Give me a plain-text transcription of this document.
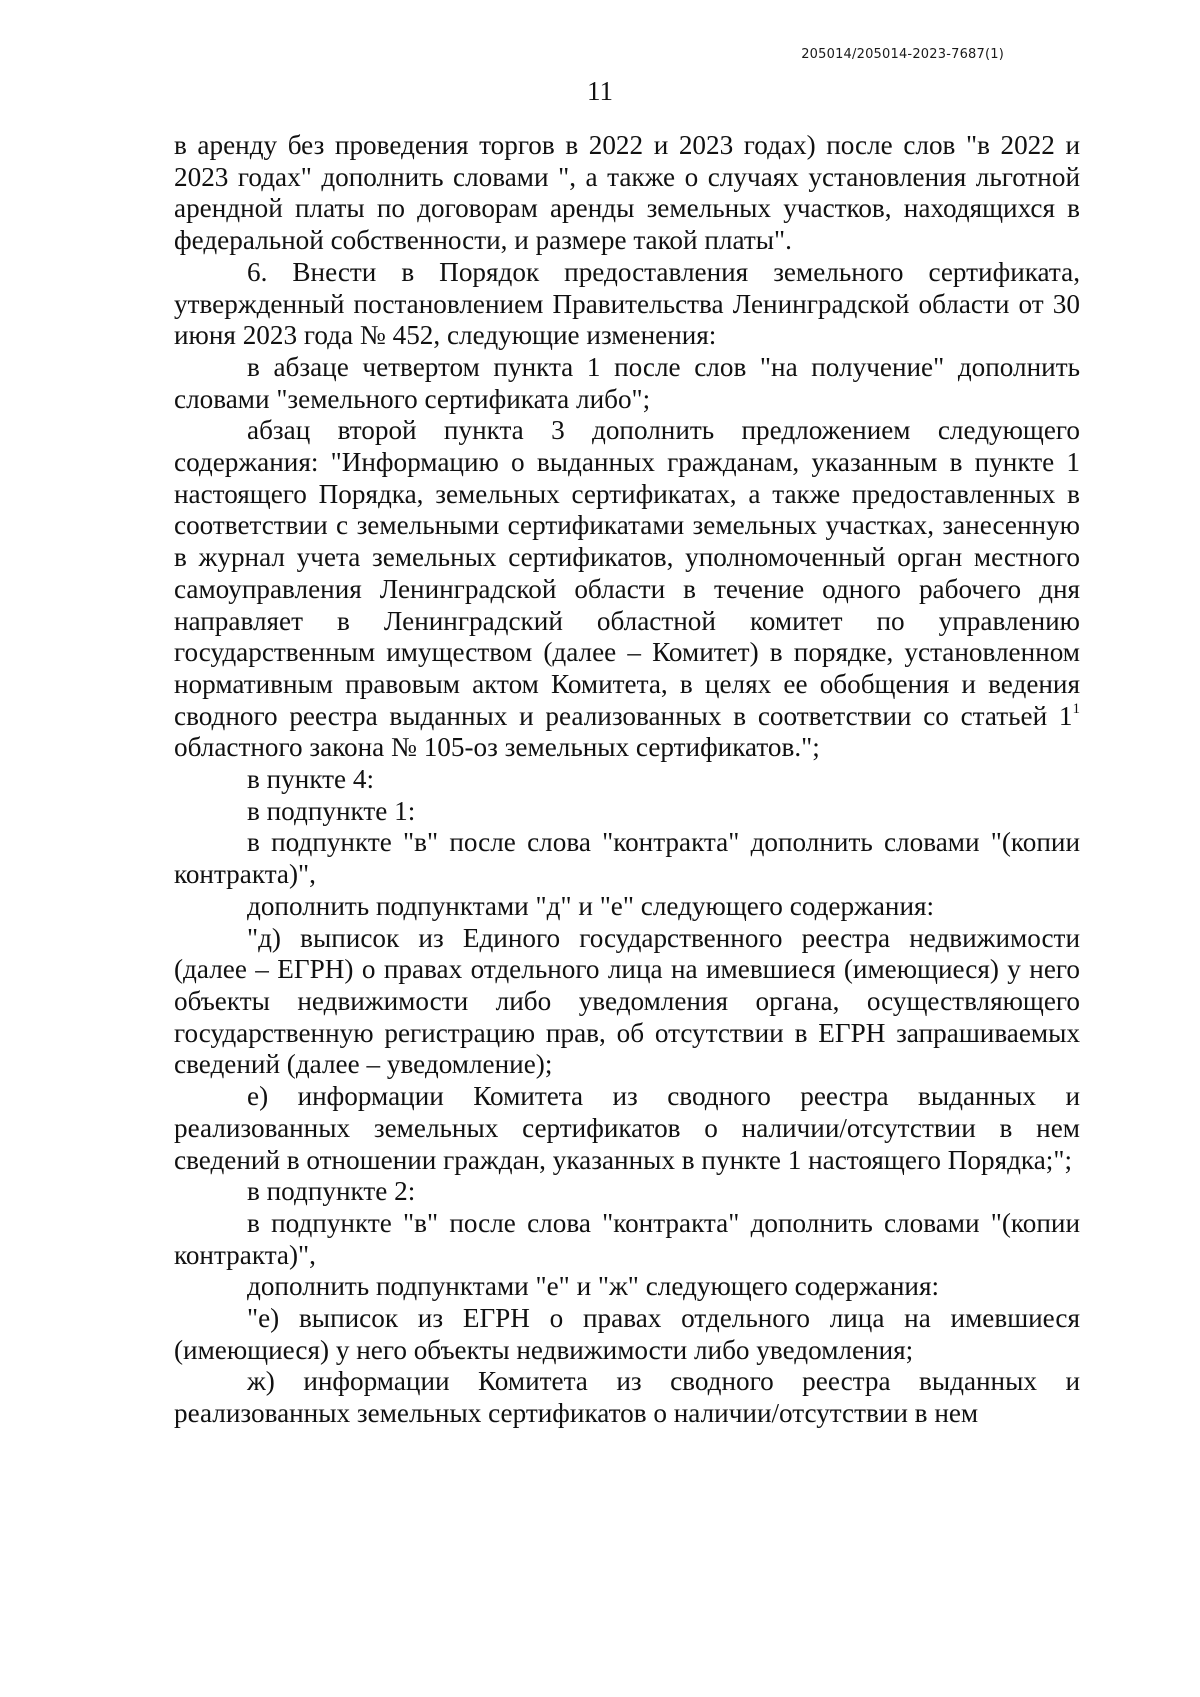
205014/205014-2023-7687(1)
11

в аренду без проведения торгов в 2022 и 2023 годах) после слов "в 2022 и 2023 годах" дополнить словами ", а также о случаях установления льготной арендной платы по договорам аренды земельных участков, находящихся в федеральной собственности, и размере такой платы".

6. Внести в Порядок предоставления земельного сертификата, утвержденный постановлением Правительства Ленинградской области от 30 июня 2023 года № 452, следующие изменения:

в абзаце четвертом пункта 1 после слов "на получение" дополнить словами "земельного сертификата либо";

абзац второй пункта 3 дополнить предложением следующего содержания: "Информацию о выданных гражданам, указанным в пункте 1 настоящего Порядка, земельных сертификатах, а также предоставленных в соответствии с земельными сертификатами земельных участках, занесенную в журнал учета земельных сертификатов, уполномоченный орган местного самоуправления Ленинградской области в течение одного рабочего дня направляет в Ленинградский областной комитет по управлению государственным имуществом (далее – Комитет) в порядке, установленном нормативным правовым актом Комитета, в целях ее обобщения и ведения сводного реестра выданных и реализованных в соответствии со статьей $1^1$ областного закона № 105-оз земельных сертификатов.";

в пункте 4:

в подпункте 1:

в подпункте "в" после слова "контракта" дополнить словами "(копии контракта)",

дополнить подпунктами "д" и "е" следующего содержания:

"д) выписок из Единого государственного реестра недвижимости (далее – ЕГРН) о правах отдельного лица на имевшиеся (имеющиеся) у него объекты недвижимости либо уведомления органа, осуществляющего государственную регистрацию прав, об отсутствии в ЕГРН запрашиваемых сведений (далее – уведомление);

е) информации Комитета из сводного реестра выданных и реализованных земельных сертификатов о наличии/отсутствии в нем сведений в отношении граждан, указанных в пункте 1 настоящего Порядка;";

в подпункте 2:

в подпункте "в" после слова "контракта" дополнить словами "(копии контракта)",

дополнить подпунктами "е" и "ж" следующего содержания:

"е) выписок из ЕГРН о правах отдельного лица на имевшиеся (имеющиеся) у него объекты недвижимости либо уведомления;

ж) информации Комитета из сводного реестра выданных и реализованных земельных сертификатов о наличии/отсутствии в нем
